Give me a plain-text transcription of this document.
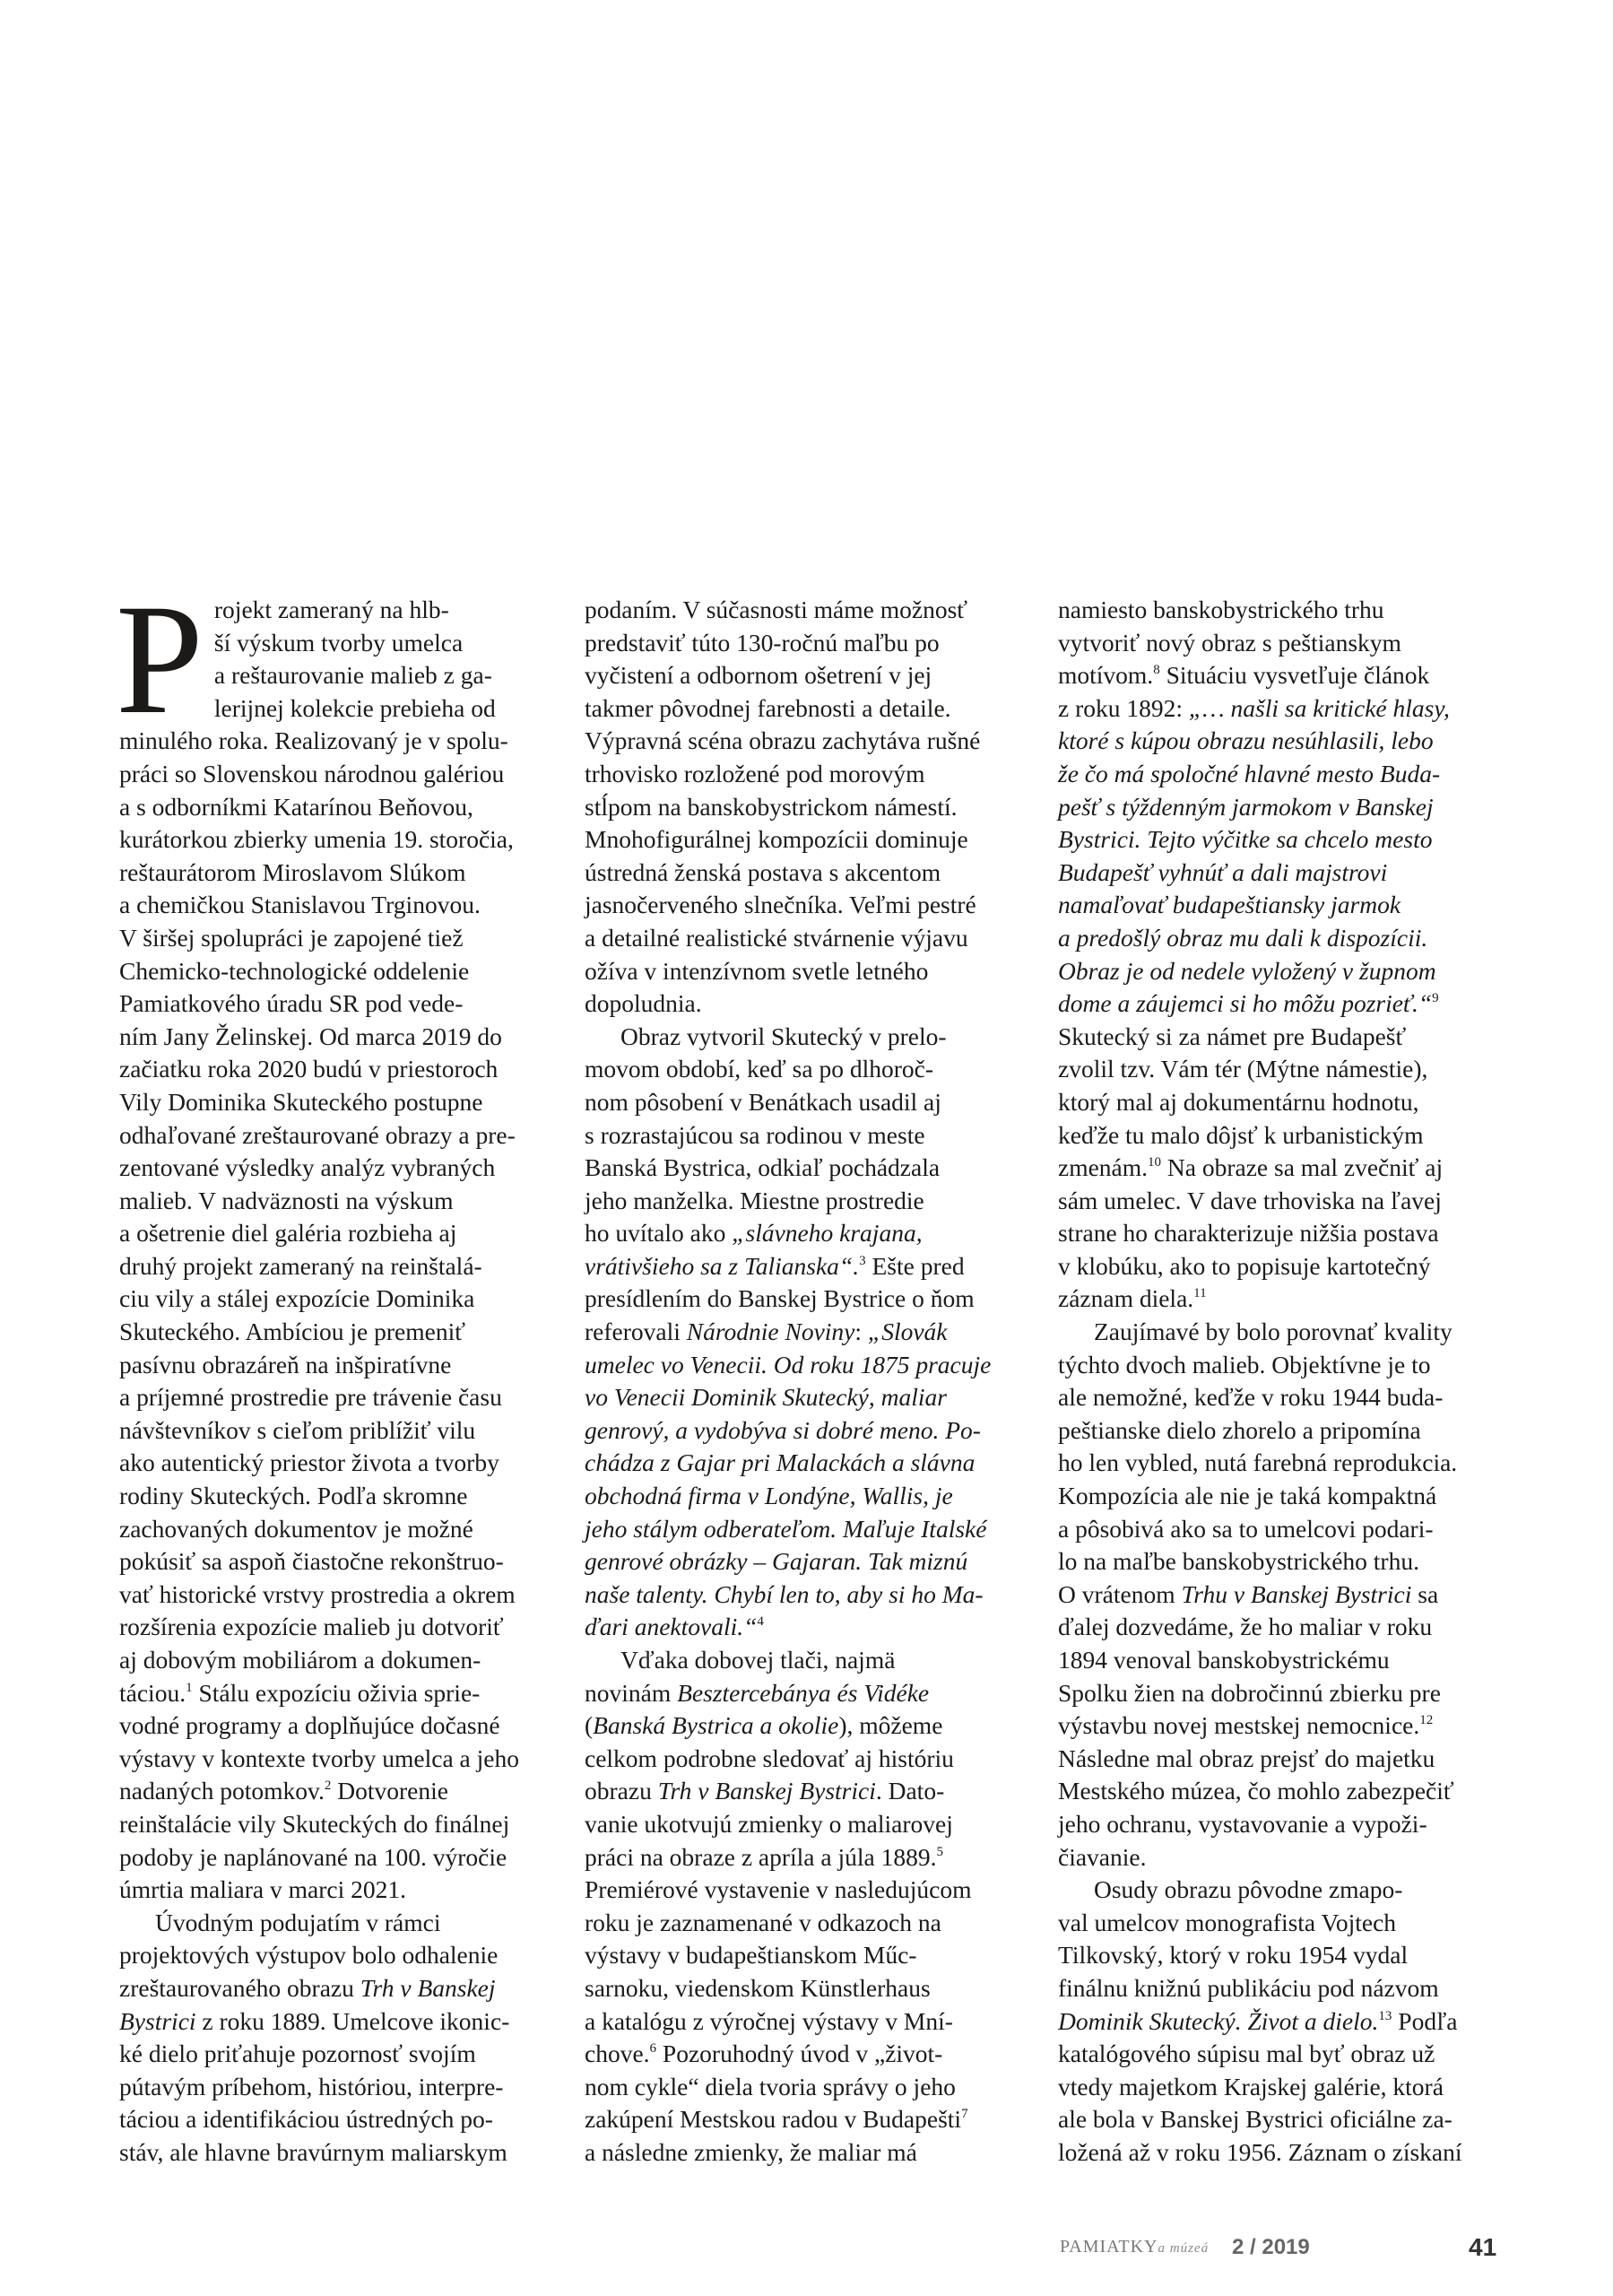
P rojekt zameraný na hlb-
ší výskum tvorby umelca
a reštaurovanie malieb z ga-
lerijnej kolekcie prebieha od
minulého roka. Realizovaný je v spolu-
práci so Slovenskou národnou galériou
a s odborníkmi Katarínou Beňovou,
kurátorkou zbierky umenia 19. storočia,
reštaurátorom Miroslavom Slúkom
a chemičkou Stanislavou Trginovou.
V širšej spolupráci je zapojené tiež
Chemicko-technologické oddelenie
Pamiatkového úradu SR pod vede-
ním Jany Želinskej. Od marca 2019 do
začiatku roka 2020 budú v priestoroch
Vily Dominika Skuteckého postupne
odhaľované zreštaurované obrazy a pre-
zentované výsledky analýz vybraných
malieb. V nadväznosti na výskum
a ošetrenie diel galéria rozbieha aj
druhý projekt zameraný na reinštalá-
ciu vily a stálej expozície Dominika
Skuteckého. Ambíciou je premeniť
pasívnu obrazáreň na inšpiratívne
a príjemné prostredie pre trávenie času
návštevníkov s cieľom priblížiť vilu
ako autentický priestor života a tvorby
rodiny Skuteckých. Podľa skromne
zachovaných dokumentov je možné
pokúsiť sa aspoň čiastočne rekonštruo-
vať historické vrstvy prostredia a okrem
rozšírenia expozície malieb ju dotvoriť
aj dobovým mobiliárom a dokumen-
táciou.$^1$ Stálu expozíciu oživia sprie-
vodné programy a doplňujúce dočasné
výstavy v kontexte tvorby umelca a jeho
nadaných potomkov.$^2$ Dotvorenie
reinštalácie vily Skuteckých do finálnej
podoby je naplánované na 100. výročie
úmrtia maliara v marci 2021.

Úvodným podujatím v rámci
projektových výstupov bolo odhalenie
zreštaurovaného obrazu Trh v Banskej
Bystrici z roku 1889. Umelcove ikonic-
ké dielo priťahuje pozornosť svojím
pútavým príbehom, históriou, interpre-
táciou a identifikáciou ústredných po-
stáv, ale hlavne bravúrnym maliarskym

podaním. V súčasnosti máme možnosť
predstaviť túto 130-ročnú maľbu po
vyčistení a odbornom ošetrení v jej
takmer pôvodnej farebnosti a detaile.
Výpravná scéna obrazu zachytáva rušné
trhovisko rozložené pod morovým
stĺpom na banskobystrickom námestí.
Mnohofigurálnej kompozícii dominuje
ústredná ženská postava s akcentom
jasnočerveného slnečníka. Veľmi pestré
a detailné realistické stvárnenie výjavu
ožíva v intenzívnom svetle letného
dopoludnia.

Obraz vytvoril Skutecký v prelo-
movom období, keď sa po dlhoroč-
nom pôsobení v Benátkach usadil aj
s rozrastajúcou sa rodinou v meste
Banská Bystrica, odkiaľ pochádzala
jeho manželka. Miestne prostredie
ho uvítalo ako „slávneho krajana,
vrátivšieho sa z Talianska“.$^3$ Ešte pred
presídlením do Banskej Bystrice o ňom
referovali Národnie Noviny: „Slovák
umelec vo Venecii. Od roku 1875 pracuje
vo Venecii Dominik Skutecký, maliar
genrový, a vydobýva si dobré meno. Po-
chádza z Gajar pri Malackách a slávna
obchodná firma v Londýne, Wallis, je
jeho stálym odberateľom. Maľuje Italské
genrové obrázky – Gajaran. Tak miznú
naše talenty. Chybí len to, aby si ho Ma-
ďari anektovali.“$^4$

Vďaka dobovej tlači, najmä
novinám Besztercebánya és Vidéke
(Banská Bystrica a okolie), môžeme
celkom podrobne sledovať aj históriu
obrazu Trh v Banskej Bystrici. Dato-
vanie ukotvujú zmienky o maliarovej
práci na obraze z apríla a júla 1889.$^5$
Premiérové vystavenie v nasledujúcom
roku je zaznamenané v odkazoch na
výstavy v budapeštianskom Műc-
sarnoku, viedenskom Künstlerhaus
a katalógu z výročnej výstavy v Mní-
chove.$^6$ Pozoruhodný úvod v „život-
nom cykle“ diela tvoria správy o jeho
zakúpení Mestskou radou v Budapešti$^7$
a následne zmienky, že maliar má

namiesto banskobystrického trhu
vytvoriť nový obraz s peštianskym
motívom.$^8$ Situáciu vysvetľuje článok
z roku 1892: „… našli sa kritické hlasy,
ktoré s kúpou obrazu nesúhlasili, lebo
že čo má spoločné hlavné mesto Buda-
pešť s týždenným jarmokom v Banskej
Bystrici. Tejto výčitke sa chcelo mesto
Budapešť vyhnúť a dali majstrovi
namaľovať budapeštiansky jarmok
a predošlý obraz mu dali k dispozícii.
Obraz je od nedele vyložený v župnom
dome a záujemci si ho môžu pozrieť.“$^9$
Skutecký si za námet pre Budapešť
zvolil tzv. Vám tér (Mýtne námestie),
ktorý mal aj dokumentárnu hodnotu,
keďže tu malo dôjsť k urbanistickým
zmenám.$^{10}$ Na obraze sa mal zvečniť aj
sám umelec. V dave trhoviska na ľavej
strane ho charakterizuje nižšia postava
v klobúku, ako to popisuje kartotečný
záznam diela.$^{11}$

Zaujímavé by bolo porovnať kvality
týchto dvoch malieb. Objektívne je to
ale nemožné, keďže v roku 1944 buda-
peštianske dielo zhorelo a pripomína
ho len vybled, nutá farebná reprodukcia.
Kompozícia ale nie je taká kompaktná
a pôsobivá ako sa to umelcovi podari-
lo na maľbe banskobystrického trhu.
O vrátenom Trhu v Banskej Bystrici sa
ďalej dozvedáme, že ho maliar v roku
1894 venoval banskobystrickému
Spolku žien na dobročinnú zbierku pre
výstavbu novej mestskej nemocnice.$^{12}$
Následne mal obraz prejsť do majetku
Mestského múzea, čo mohlo zabezpečiť
jeho ochranu, vystavovanie a vypoži-
čiavanie.

Osudy obrazu pôvodne zmapo-
val umelcov monografista Vojtech
Tilkovský, ktorý v roku 1954 vydal
finálnu knižnú publikáciu pod názvom
Dominik Skutecký. Život a dielo.$^{13}$ Podľa
katalógového súpisu mal byť obraz už
vtedy majetkom Krajskej galérie, ktorá
ale bola v Banskej Bystrici oficiálne za-
ložená až v roku 1956. Záznam o získaní

PAMIATKYa múzeá 2 / 2019	41
